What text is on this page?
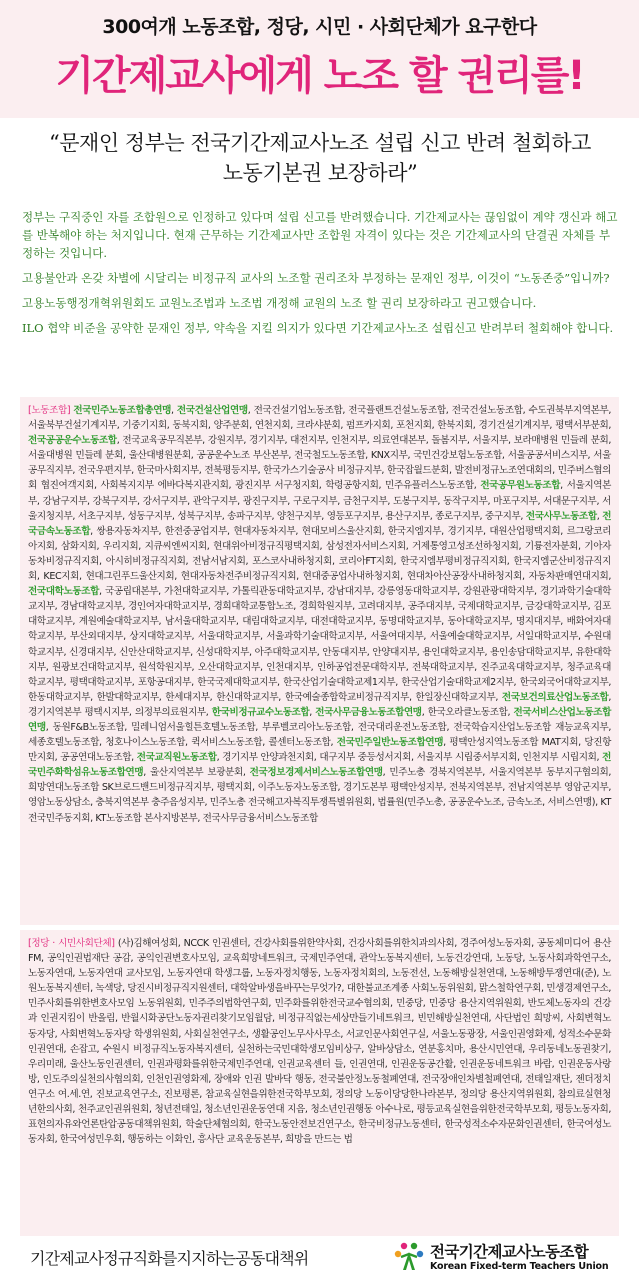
300여개 노동조합, 정당, 시민 · 사회단체가 요구한다
기간제교사에게 노조 할 권리를!
“문재인 정부는 전국기간제교사노조 설립 신고 반려 철회하고
노동기본권 보장하라”

정부는 구직중인 자를 조합원으로 인정하고 있다며 설립 신고를 반려했습니다. 기간제교사는 끊임없이 계약 갱신과 해고를 반복해야 하는 처지입니다. 현재 근무하는 기간제교사만 조합원 자격이 있다는 것은 기간제교사의 단결권 자체를 부정하는 것입니다.

고용불안과 온갖 차별에 시달리는 비정규직 교사의 노조할 권리조차 부정하는 문재인 정부, 이것이 “노동존중”입니까?

고용노동행정개혁위원회도 교원노조법과 노조법 개정해 교원의 노조 할 권리 보장하라고 권고했습니다.

ILO 협약 비준을 공약한 문재인 정부, 약속을 지킬 의지가 있다면 기간제교사노조 설립신고 반려부터 철회해야 합니다.

[노동조합] 전국민주노동조합총연맹, 전국건설산업연맹, 전국건설기업노동조합, 전국플랜트건설노동조합, 전국건설노동조합, 수도권북부지역본부, 서울북부건설기계지부, 기중기지회, 동북지회, 양주분회, 연천지회, 크라샤분회, 펌프카지회, 포천지회, 한북지회, 경기건설기계지부, 평택서부분회, 전국공공운수노동조합, 전국교육공무직본부, 강원지부, 경기지부, 대전지부, 인천지부, 의료연대본부, 돌봄지부, 서울지부, 보라매병원 민들레 분회, 서울대병원 민들레 분회, 울산대병원분회, 공공운수노조 부산본부, 전국철도노동조합, KNX지부, 국민건강보험노동조합, 서울공공서비스지부, 서울공무직지부, 전국우편지부, 한국마사회지부, 전북평등지부, 한국가스기술공사 비정규지부, 한국잡월드분회, 발전비정규노조연대회의, 민주버스협의회 협진여객지회, 사회복지지부 에바다복지관지회, 광진지부 서구청지회, 학령공항지회, 민주유플러스노동조합, 전국공무원노동조합, 서울지역본부, 강남구지부, 강북구지부, 강서구지부, 관악구지부, 광진구지부, 구로구지부, 금천구지부, 도봉구지부, 동작구지부, 마포구지부, 서대문구지부, 서울지청지부, 서초구지부, 성동구지부, 성북구지부, 송파구지부, 양천구지부, 영등포구지부, 용산구지부, 종로구지부, 중구지부, 전국사무노동조합, 전국금속노동조합, 쌍용자동차지부, 한전중공업지부, 현대자동차지부, 현대모비스울산지회, 한국지엠지부, 경기지부, 대원산업평택지회, 르그랑코리아지회, 삼화지회, 우리지회, 지큐씨엔씨지회, 현대위아비정규직평택지회, 삼성전자서비스지회, 거제통영고성조선하청지회, 기륭전자분회, 기아자동차비정규직지회, 아시히비정규직지회, 전남서남지회, 포스코사내하청지회, 코리아FT지회, 한국지엠부평비정규직지회, 한국지엠군산비정규직지회, KEC지회, 현대그린푸드울산지회, 현대자동차전주비정규직지회, 현대중공업사내하청지회, 현대차아산공장사내하청지회, 자동차판매연대지회, 전국대학노동조합, 국공립대본부, 가천대학교지부, 가톨릭관동대학교지부, 강남대지부, 강릉영동대학교지부, 강원관광대학지부, 경기과학기술대학교지부, 경남대학교지부, 경인여자대학교지부, 경희대학교통합노조, 경희학원지부, 고려대지부, 공주대지부, 국제대학교지부, 금강대학교지부, 김포대학교지부, 계원예술대학교지부, 남서울대학교지부, 대림대학교지부, 대전대학교지부, 동명대학교지부, 동아대학교지부, 명지대지부, 배화여자대학교지부, 부산외대지부, 상지대학교지부, 서울대학교지부, 서울과학기술대학교지부, 서울여대지부, 서울예술대학교지부, 서일대학교지부, 수원대학교지부, 신경대지부, 신안산대학교지부, 신성대학지부, 아주대학교지부, 안동대지부, 안양대지부, 용인대학교지부, 용인송담대학교지부, 유한대학지부, 원광보건대학교지부, 원석학원지부, 오산대학교지부, 인천대지부, 인하공업전문대학지부, 전북대학교지부, 진주교육대학교지부, 청주교육대학교지부, 평택대학교지부, 포항공대지부, 한국국제대학교지부, 한국산업기술대학교제1지부, 한국산업기술대학교제2지부, 한국외국어대학교지부, 한동대학교지부, 한발대학교지부, 한세대지부, 한신대학교지부, 한국예술종합학교비정규직지부, 한일장신대학교지부, 전국보건의료산업노동조합, 경기지역본부 평택시지부, 의정부의료원지부, 한국비정규교수노동조합, 전국사무금융노동조합연맹, 한국오라클노동조합, 전국서비스산업노동조합연맹, 동원F&B노동조합, 밀레니엄서울힐튼호텔노동조합, 부루벨코리아노동조합, 전국대리운전노동조합, 전국학습지산업노동조합 재능교육지부, 세종호텔노동조합, 청호나이스노동조합, 퀵서비스노동조합, 콜센터노동조합, 전국민주일반노동조합연맹, 평택안성지역노동조합 MAT지회, 당진항만지회, 공공연대노동조합, 전국교직원노동조합, 경기지부 안양과천지회, 대구지부 중등성서지회, 서울지부 시립중서부지회, 인천지부 시립지회, 전국민주화학섬유노동조합연맹, 울산지역본부 보광분회, 전국정보경제서비스노동조합연맹, 민주노총 경북지역본부, 서울지역본부 동부지구협의회, 희망연대노동조합 SK브로드밴드비정규직지부, 평택지회, 이주노동자노동조합, 경기도본부 평택안성지부, 전북지역본부, 전남지역본부 영암군지부, 영암노동상담소, 충북지역본부 충주음성지부, 민주노총 전국해고자복직투쟁특별위원회, 법률원(민주노총, 공공운수노조, 금속노조, 서비스연맹), KT전국민주동지회, KT노동조합 본사지방본부, 전국사무금융서비스노동조합
[정당 · 시민사회단체] (사)김해여성회, NCCK 인권센터, 건강사회를위한약사회, 건강사회를위한치과의사회, 경주여성노동자회, 공동체미디어 용산FM, 공익인권법재단 공감, 공익인권변호사모임, 교육희망네트워크, 국제민주연대, 관악노동복지센터, 노동건강연대, 노동당, 노동사회과학연구소, 노동자연대, 노동자연대 교사모임, 노동자연대 학생그룹, 노동자정치행동, 노동자정치회의, 노동전선, 노동해방실천연대, 노동해방투쟁연대(준), 노원노동복지센터, 녹색당, 당진시비정규직지원센터, 대학알바생을바꾸는무엇가?, 대한불교조계종 사회노동위원회, 맑스철학연구회, 민생경제연구소, 민주사회를위한변호사모임 노동위원회, 민주주의법학연구회, 민주화를위한전국교수협의회, 민중당, 민중당 용산지역위원회, 반도체노동자의 건강과 인권지킴이 반올림, 반월시화공단노동자권리찾기모임월담, 비정규직없는세상만들기네트워크, 빈민해방실천연대, 사단법인 희망씨, 사회변혁노동자당, 사회변혁노동자당 학생위원회, 사회실천연구소, 생활공인노무사사무소, 서교인문사회연구실, 서울노동광장, 서울인권영화제, 성적소수문화인권연대, 손잡고, 수원시 비정규직노동자복지센터, 실천하는국민대학생모임비상구, 알바상담소, 연분홍치마, 용산시민연대, 우리동네노동권찾기, 우리미래, 울산노동인권센터, 인권과평화를위한국제민주연대, 인권교육센터 들, 인권연대, 인권운동공간활, 인권운동네트워크 바람, 인권운동사랑방, 인도주의실천의사협의회, 인천인권영화제, 장애와 인권 발바닥 행동, 전국불안정노동철폐연대, 전국장애인차별철폐연대, 전태일재단, 젠더정치연구소 여.세.연, 진보교육연구소, 진보평론, 참교육실현을위한전국학부모회, 정의당 노동이당당한나라본부, 정의당 용산지역위원회, 참의료실현청년한의사회, 천주교인권위원회, 청년전태일, 청소년인권운동연대 지음, 청소년인권행동 아수나로, 평등교육실현을위한전국학부모회, 평등노동자회, 표현의자유와언론탄압공동대책위원회, 학술단체협의회, 한국노동안전보건연구소, 한국비정규노동센터, 한국성적소수자문화인권센터, 한국여성노동자회, 한국여성민우회, 행동하는 이화인, 흥사단 교육운동본부, 희망을 만드는 법
기간제교사정규직화를지지하는공동대책위	전국기간제교사노동조합
Korean Fixed-term Teachers Union
